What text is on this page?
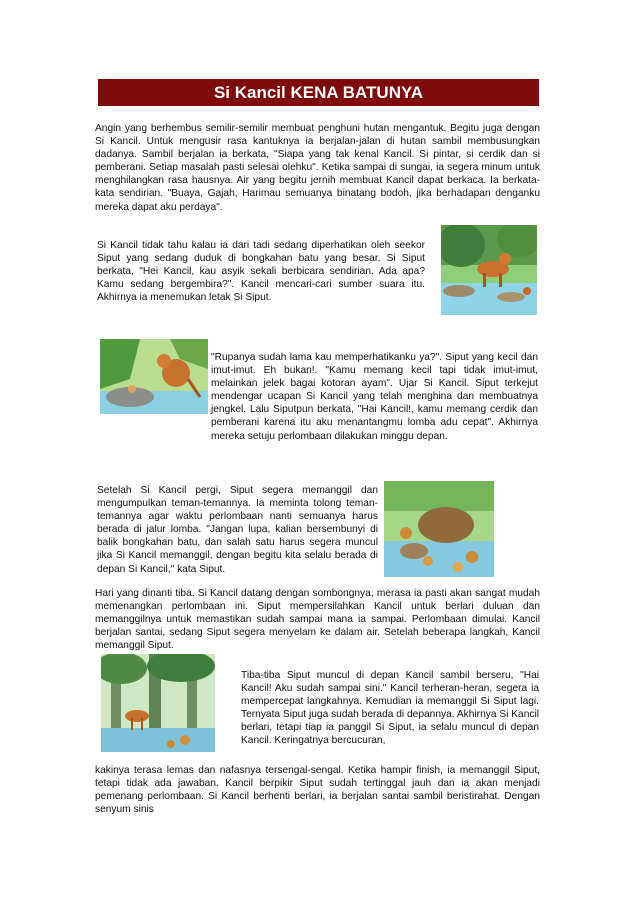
Si Kancil KENA BATUNYA

Angin yang berhembus semilir-semilir membuat penghuni hutan mengantuk. Begitu juga dengan Si Kancil. Untuk mengusir rasa kantuknya ia berjalan-jalan di hutan sambil membusungkan dadanya. Sambil berjalan ia berkata, "Siapa yang tak kenal Kancil. Si pintar, si cerdik dan si pemberani. Setiap masalah pasti selesai olehku". Ketika sampai di sungai, ia segera minum untuk menghilangkan rasa hausnya. Air yang begitu jernih membuat Kancil dapat berkaca. Ia berkata-kata sendirian. "Buaya, Gajah, Harimau semuanya binatang bodoh, jika berhadapan denganku mereka dapat aku perdaya".

Si Kancil tidak tahu kalau ia dari tadi sedang diperhatikan oleh seekor Siput yang sedang duduk di bongkahan batu yang besar. Si Siput berkata, "Hei Kancil, kau asyik sekali berbicara sendirian. Ada apa? Kamu sedang bergembira?". Kancil mencari-cari sumber suara itu. Akhirnya ia menemukan letak Si Siput.

"Rupanya sudah lama kau memperhatikanku ya?". Siput yang kecil dan imut-imut. Eh bukan!. "Kamu memang kecil tapi tidak imut-imut, melainkan jelek bagai kotoran ayam". Ujar Si Kancil. Siput terkejut mendengar ucapan Si Kancil yang telah menghina dan membuatnya jengkel. Lalu Siputpun berkata, "Hai Kancil!, kamu memang cerdik dan pemberani karena itu aku menantangmu lomba adu cepat". Akhirnya mereka setuju perlombaan dilakukan minggu depan.

Setelah Si Kancil pergi, Siput segera memanggil dan mengumpulkan teman-temannya. Ia meminta tolong teman-temannya agar waktu perlombaan nanti semuanya harus berada di jalur lomba. "Jangan lupa, kalian bersembunyi di balik bongkahan batu, dan salah satu harus segera muncul jika Si Kancil memanggil, dengan begitu kita selalu berada di depan Si Kancil," kata Siput.

Hari yang dinanti tiba. Si Kancil datang dengan sombongnya, merasa ia pasti akan sangat mudah memenangkan perlombaan ini. Siput mempersilahkan Kancil untuk berlari duluan dan memanggilnya untuk memastikan sudah sampai mana ia sampai. Perlombaan dimulai. Kancil berjalan santai, sedang Siput segera menyelam ke dalam air. Setelah beberapa langkah, Kancil memanggil Siput.

Tiba-tiba Siput muncul di depan Kancil sambil berseru, "Hai Kancil! Aku sudah sampai sini." Kancil terheran-heran, segera ia mempercepat langkahnya. Kemudian ia memanggil Si Siput lagi. Ternyata Siput juga sudah berada di depannya. Akhirnya Si Kancil berlari, tetapi tiap ia panggil Si Siput, ia selalu muncul di depan Kancil. Keringatnya bercucuran,

kakinya terasa lemas dan nafasnya tersengal-sengal. Ketika hampir finish, ia memanggil Siput, tetapi tidak ada jawaban. Kancil berpikir Siput sudah tertinggal jauh dan ia akan menjadi pemenang perlombaan. Si Kancil berhenti berlari, ia berjalan santai sambil beristirahat. Dengan senyum sinis
